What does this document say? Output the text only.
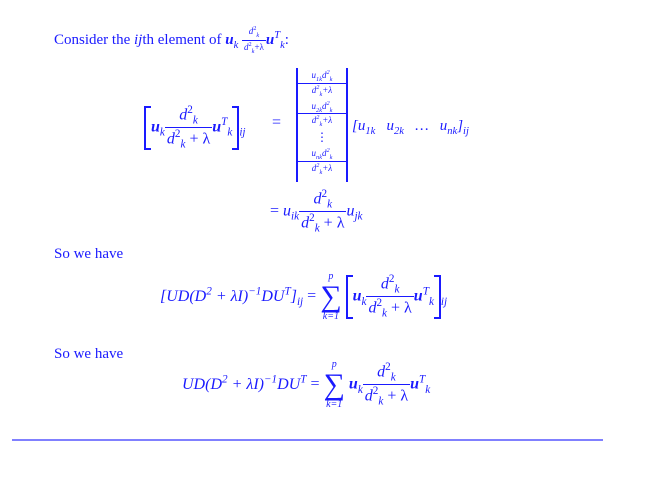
Consider the ijth element of $u_k \frac{d^2_k}{d^2_k+\lambda} u^T_k$:
$u_k \frac{d^2_k}{d^2_k + \lambda} u^T_k$ $_{ij}$
=
$u_{1k}d^2_k$
$d^2_k+\lambda$
$u_{2k}d^2_k$
$d^2_k+\lambda$
⋮
$u_{nk}d^2_k$
$d^2_k+\lambda$
[$u_{1k}$   $u_{2k}$   …   $u_{nk}]_{ij}$
= $u_{ik} \frac{d^2_k}{d^2_k + \lambda} u_{jk}$
So we have
$[UD(D^2 + \lambda I)^{-1}DU^T]_{ij}$ =
p
∑
k=1
$u_k \frac{d^2_k}{d^2_k + \lambda} u^T_k$ $_{ij}$
So we have
$UD(D^2 + \lambda I)^{-1}DU^T$ =
p
∑
k=1
$u_k \frac{d^2_k}{d^2_k + \lambda} u^T_k$
